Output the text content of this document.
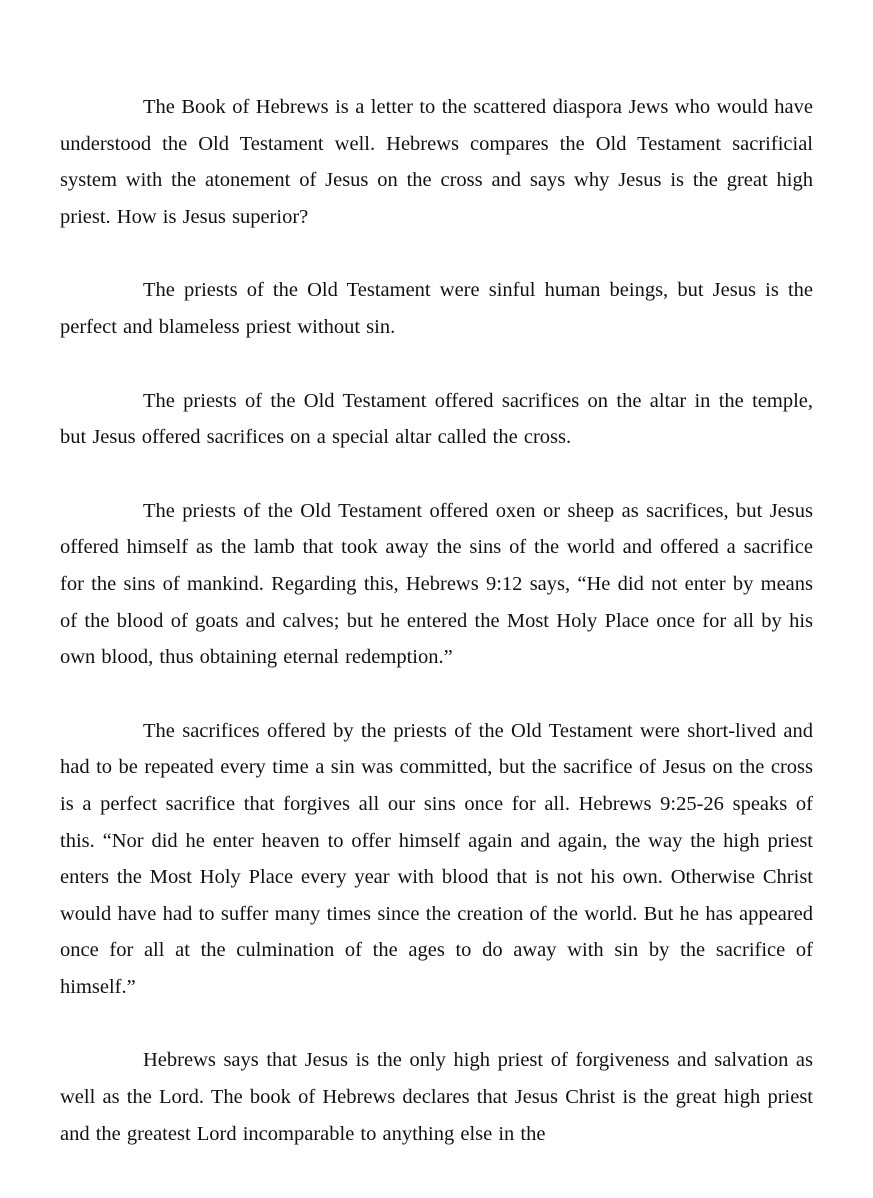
The Book of Hebrews is a letter to the scattered diaspora Jews who would have understood the Old Testament well. Hebrews compares the Old Testament sacrificial system with the atonement of Jesus on the cross and says why Jesus is the great high priest. How is Jesus superior?

The priests of the Old Testament were sinful human beings, but Jesus is the perfect and blameless priest without sin.

The priests of the Old Testament offered sacrifices on the altar in the temple, but Jesus offered sacrifices on a special altar called the cross.

The priests of the Old Testament offered oxen or sheep as sacrifices, but Jesus offered himself as the lamb that took away the sins of the world and offered a sacrifice for the sins of mankind. Regarding this, Hebrews 9:12 says, “He did not enter by means of the blood of goats and calves; but he entered the Most Holy Place once for all by his own blood, thus obtaining eternal redemption.”

The sacrifices offered by the priests of the Old Testament were short-lived and had to be repeated every time a sin was committed, but the sacrifice of Jesus on the cross is a perfect sacrifice that forgives all our sins once for all. Hebrews 9:25-26 speaks of this. “Nor did he enter heaven to offer himself again and again, the way the high priest enters the Most Holy Place every year with blood that is not his own. Otherwise Christ would have had to suffer many times since the creation of the world. But he has appeared once for all at the culmination of the ages to do away with sin by the sacrifice of himself.”

Hebrews says that Jesus is the only high priest of forgiveness and salvation as well as the Lord. The book of Hebrews declares that Jesus Christ is the great high priest and the greatest Lord incomparable to anything else in the
